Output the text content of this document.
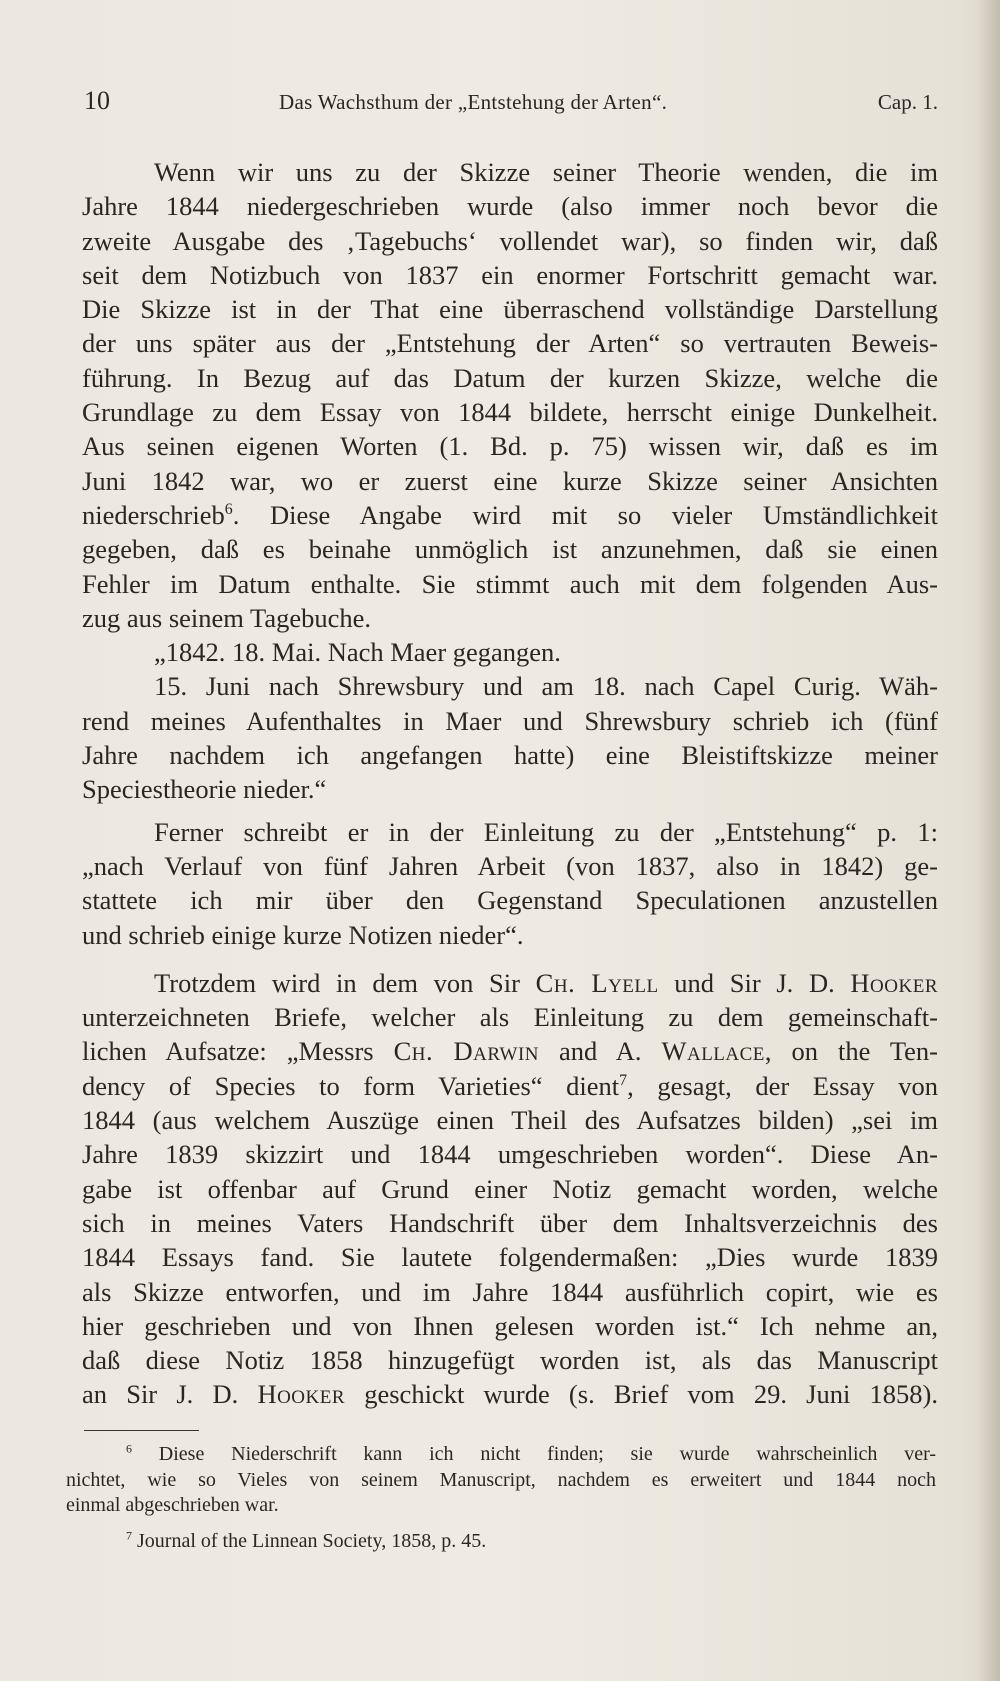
10	Das Wachsthum der „Entstehung der Arten“.	Cap. 1.
Wenn wir uns zu der Skizze seiner Theorie wenden, die im
Jahre 1844 niedergeschrieben wurde (also immer noch bevor die
zweite Ausgabe des ‚Tagebuchs‘ vollendet war), so finden wir, daß
seit dem Notizbuch von 1837 ein enormer Fortschritt gemacht war.
Die Skizze ist in der That eine überraschend vollständige Darstellung
der uns später aus der „Entstehung der Arten“ so vertrauten Beweis-
führung. In Bezug auf das Datum der kurzen Skizze, welche die
Grundlage zu dem Essay von 1844 bildete, herrscht einige Dunkelheit.
Aus seinen eigenen Worten (1. Bd. p. 75) wissen wir, daß es im
Juni 1842 war, wo er zuerst eine kurze Skizze seiner Ansichten
niederschrieb$^6$. Diese Angabe wird mit so vieler Umständlichkeit
gegeben, daß es beinahe unmöglich ist anzunehmen, daß sie einen
Fehler im Datum enthalte. Sie stimmt auch mit dem folgenden Aus-
zug aus seinem Tagebuche.
„1842. 18. Mai. Nach Maer gegangen.
15. Juni nach Shrewsbury und am 18. nach Capel Curig. Wäh-
rend meines Aufenthaltes in Maer und Shrewsbury schrieb ich (fünf
Jahre nachdem ich angefangen hatte) eine Bleistiftskizze meiner
Speciestheorie nieder.“
Ferner schreibt er in der Einleitung zu der „Entstehung“ p. 1:
„nach Verlauf von fünf Jahren Arbeit (von 1837, also in 1842) ge-
stattete ich mir über den Gegenstand Speculationen anzustellen
und schrieb einige kurze Notizen nieder“.
Trotzdem wird in dem von Sir Ch. Lyell und Sir J. D. Hooker
unterzeichneten Briefe, welcher als Einleitung zu dem gemeinschaft-
lichen Aufsatze: „Messrs Ch. Darwin and A. Wallace, on the Ten-
dency of Species to form Varieties“ dient$^7$, gesagt, der Essay von
1844 (aus welchem Auszüge einen Theil des Aufsatzes bilden) „sei im
Jahre 1839 skizzirt und 1844 umgeschrieben worden“. Diese An-
gabe ist offenbar auf Grund einer Notiz gemacht worden, welche
sich in meines Vaters Handschrift über dem Inhaltsverzeichnis des
1844 Essays fand. Sie lautete folgendermaßen: „Dies wurde 1839
als Skizze entworfen, und im Jahre 1844 ausführlich copirt, wie es
hier geschrieben und von Ihnen gelesen worden ist.“ Ich nehme an,
daß diese Notiz 1858 hinzugefügt worden ist, als das Manuscript
an Sir J. D. Hooker geschickt wurde (s. Brief vom 29. Juni 1858).
$^6$ Diese Niederschrift kann ich nicht finden; sie wurde wahrscheinlich ver-
nichtet, wie so Vieles von seinem Manuscript, nachdem es erweitert und 1844 noch
einmal abgeschrieben war.
$^7$ Journal of the Linnean Society, 1858, p. 45.
